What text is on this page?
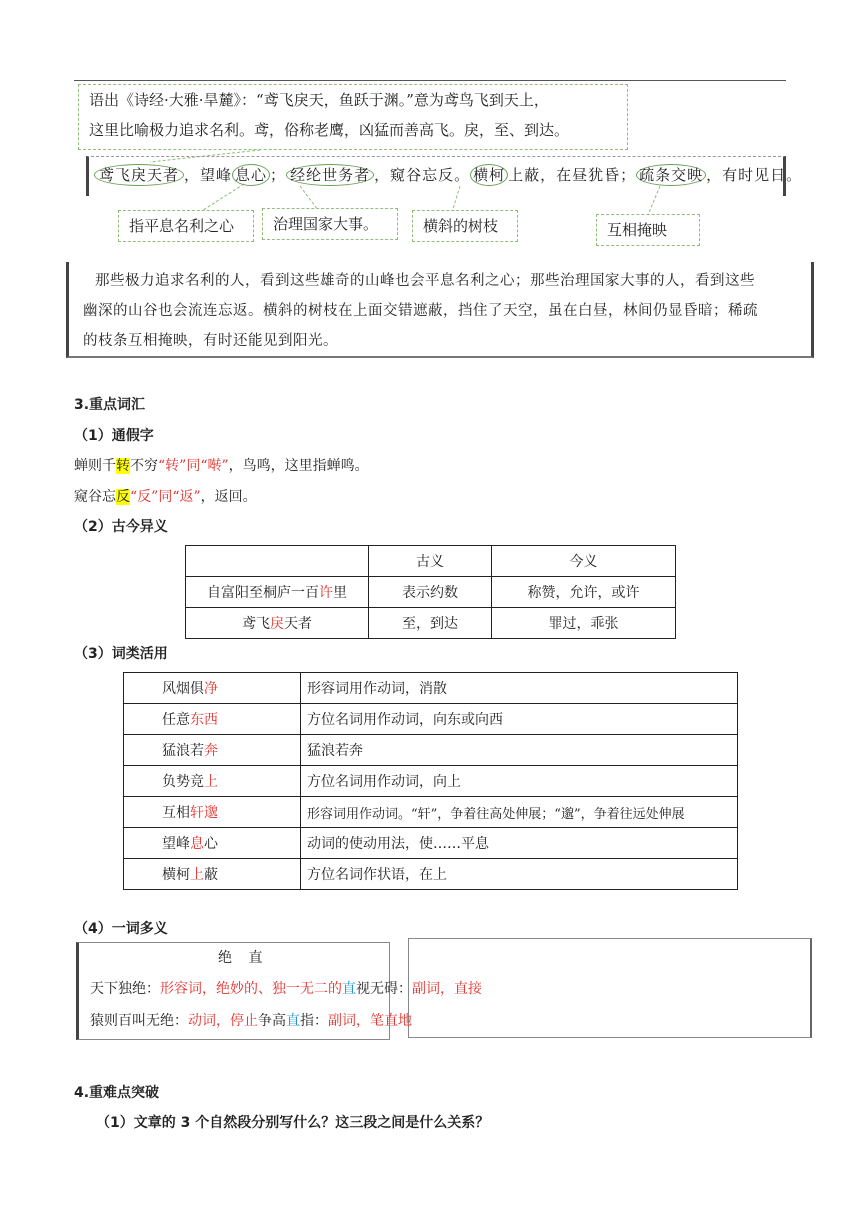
语出《诗经·大雅·旱麓》：“鸢飞戾天，鱼跃于渊。”意为鸢鸟飞到天上，
这里比喻极力追求名利。鸢，俗称老鹰，凶猛而善高飞。戾，至、到达。
鸢飞戾天者 ，望峰 息心 ； 经纶世务者 ，窥谷忘反。 横柯 上蔽，在昼犹昏； 疏条交映 ，有时见日。
指平息名利之心	治理国家大事。	横斜的树枝	互相掩映
那些极力追求名利的人，看到这些雄奇的山峰也会平息名利之心；那些治理国家大事的人，看到这些
幽深的山谷也会流连忘返。横斜的树枝在上面交错遮蔽，挡住了天空，虽在白昼，林间仍显昏暗；稀疏
的枝条互相掩映，有时还能见到阳光。
3.重点词汇
（1）通假字
蝉则千转不穷“转”同“啭”，鸟鸣，这里指蝉鸣。
窥谷忘反“反”同“返”，返回。
（2）古今异义
	古义	今义
自富阳至桐庐一百许里	表示约数	称赞，允许，或许
鸢飞戾天者	至，到达	罪过，乖张
（3）词类活用
风烟俱净	形容词用作动词，消散
任意东西	方位名词用作动词，向东或向西
猛浪若奔	猛浪若奔
负势竞上	方位名词用作动词，向上
互相轩邈	形容词用作动词。“轩”，争着往高处伸展；“邈”，争着往远处伸展
望峰息心	动词的使动用法，使……平息
横柯上蔽	方位名词作状语，在上
（4）一词多义
绝 直
天下独绝：形容词，绝妙的、独一无二的直视无碍：副词，直接
猿则百叫无绝：动词，停止争高直指：副词，笔直地
4.重难点突破
（1）文章的 3 个自然段分别写什么？这三段之间是什么关系？
